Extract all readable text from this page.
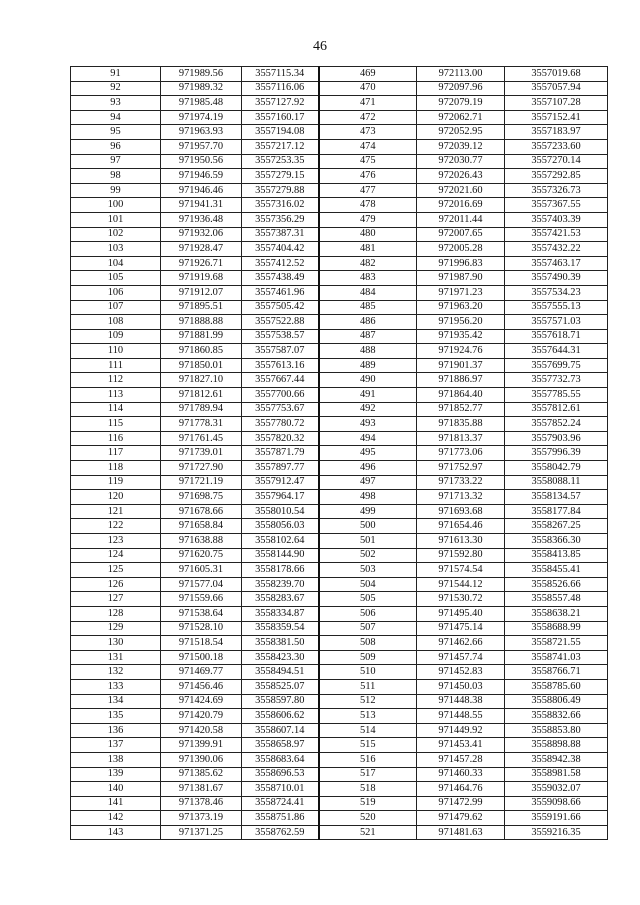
46
91	971989.56	3557115.34	469	972113.00	3557019.68
92	971989.32	3557116.06	470	972097.96	3557057.94
93	971985.48	3557127.92	471	972079.19	3557107.28
94	971974.19	3557160.17	472	972062.71	3557152.41
95	971963.93	3557194.08	473	972052.95	3557183.97
96	971957.70	3557217.12	474	972039.12	3557233.60
97	971950.56	3557253.35	475	972030.77	3557270.14
98	971946.59	3557279.15	476	972026.43	3557292.85
99	971946.46	3557279.88	477	972021.60	3557326.73
100	971941.31	3557316.02	478	972016.69	3557367.55
101	971936.48	3557356.29	479	972011.44	3557403.39
102	971932.06	3557387.31	480	972007.65	3557421.53
103	971928.47	3557404.42	481	972005.28	3557432.22
104	971926.71	3557412.52	482	971996.83	3557463.17
105	971919.68	3557438.49	483	971987.90	3557490.39
106	971912.07	3557461.96	484	971971.23	3557534.23
107	971895.51	3557505.42	485	971963.20	3557555.13
108	971888.88	3557522.88	486	971956.20	3557571.03
109	971881.99	3557538.57	487	971935.42	3557618.71
110	971860.85	3557587.07	488	971924.76	3557644.31
111	971850.01	3557613.16	489	971901.37	3557699.75
112	971827.10	3557667.44	490	971886.97	3557732.73
113	971812.61	3557700.66	491	971864.40	3557785.55
114	971789.94	3557753.67	492	971852.77	3557812.61
115	971778.31	3557780.72	493	971835.88	3557852.24
116	971761.45	3557820.32	494	971813.37	3557903.96
117	971739.01	3557871.79	495	971773.06	3557996.39
118	971727.90	3557897.77	496	971752.97	3558042.79
119	971721.19	3557912.47	497	971733.22	3558088.11
120	971698.75	3557964.17	498	971713.32	3558134.57
121	971678.66	3558010.54	499	971693.68	3558177.84
122	971658.84	3558056.03	500	971654.46	3558267.25
123	971638.88	3558102.64	501	971613.30	3558366.30
124	971620.75	3558144.90	502	971592.80	3558413.85
125	971605.31	3558178.66	503	971574.54	3558455.41
126	971577.04	3558239.70	504	971544.12	3558526.66
127	971559.66	3558283.67	505	971530.72	3558557.48
128	971538.64	3558334.87	506	971495.40	3558638.21
129	971528.10	3558359.54	507	971475.14	3558688.99
130	971518.54	3558381.50	508	971462.66	3558721.55
131	971500.18	3558423.30	509	971457.74	3558741.03
132	971469.77	3558494.51	510	971452.83	3558766.71
133	971456.46	3558525.07	511	971450.03	3558785.60
134	971424.69	3558597.80	512	971448.38	3558806.49
135	971420.79	3558606.62	513	971448.55	3558832.66
136	971420.58	3558607.14	514	971449.92	3558853.80
137	971399.91	3558658.97	515	971453.41	3558898.88
138	971390.06	3558683.64	516	971457.28	3558942.38
139	971385.62	3558696.53	517	971460.33	3558981.58
140	971381.67	3558710.01	518	971464.76	3559032.07
141	971378.46	3558724.41	519	971472.99	3559098.66
142	971373.19	3558751.86	520	971479.62	3559191.66
143	971371.25	3558762.59	521	971481.63	3559216.35
